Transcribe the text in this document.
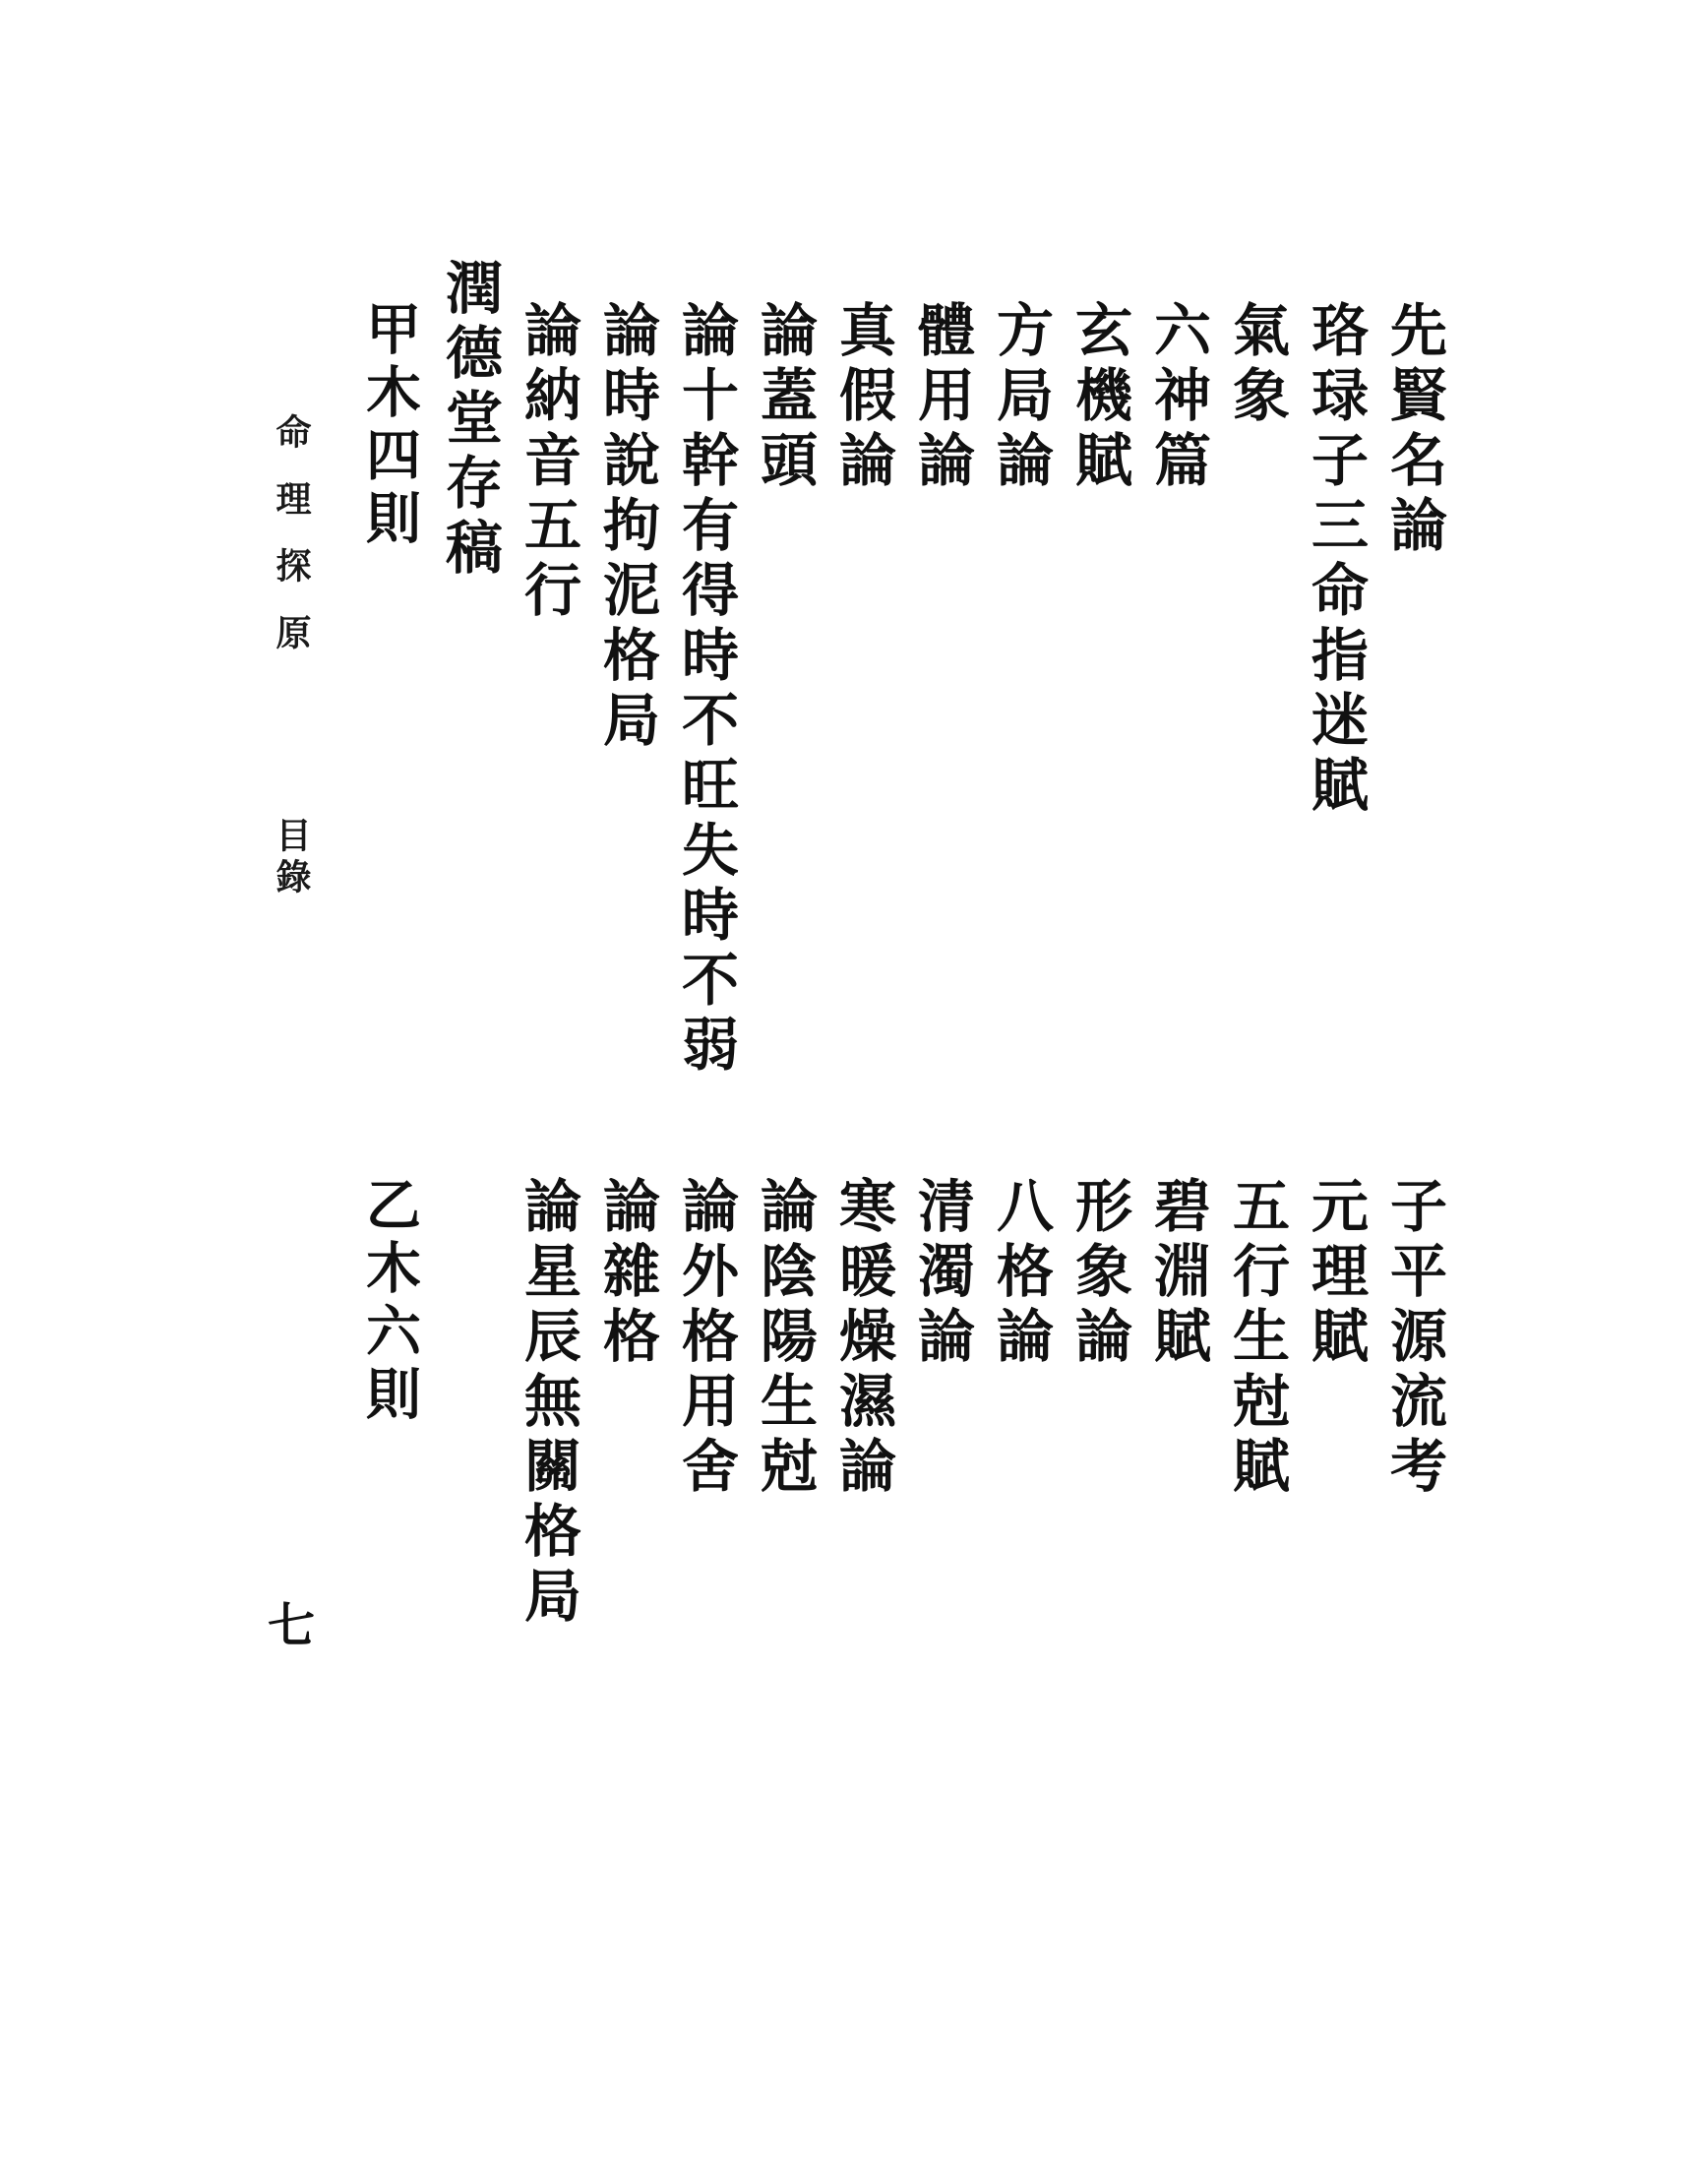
先賢名論
珞琭子三命指迷賦
氣象
六神篇
玄機賦
方局論
體用論
真假論
論蓋頭
論十幹有得時不旺失時不弱
論時說拘泥格局
論納音五行
潤德堂存稿
甲木四則
子平源流考
元理賦
五行生尅賦
碧淵賦
形象論
八格論
清濁論
寒暖燥濕論
論陰陽生尅
論外格用舍
論雜格
論星辰無關格局
乙木六則
命理探原
目錄
七
